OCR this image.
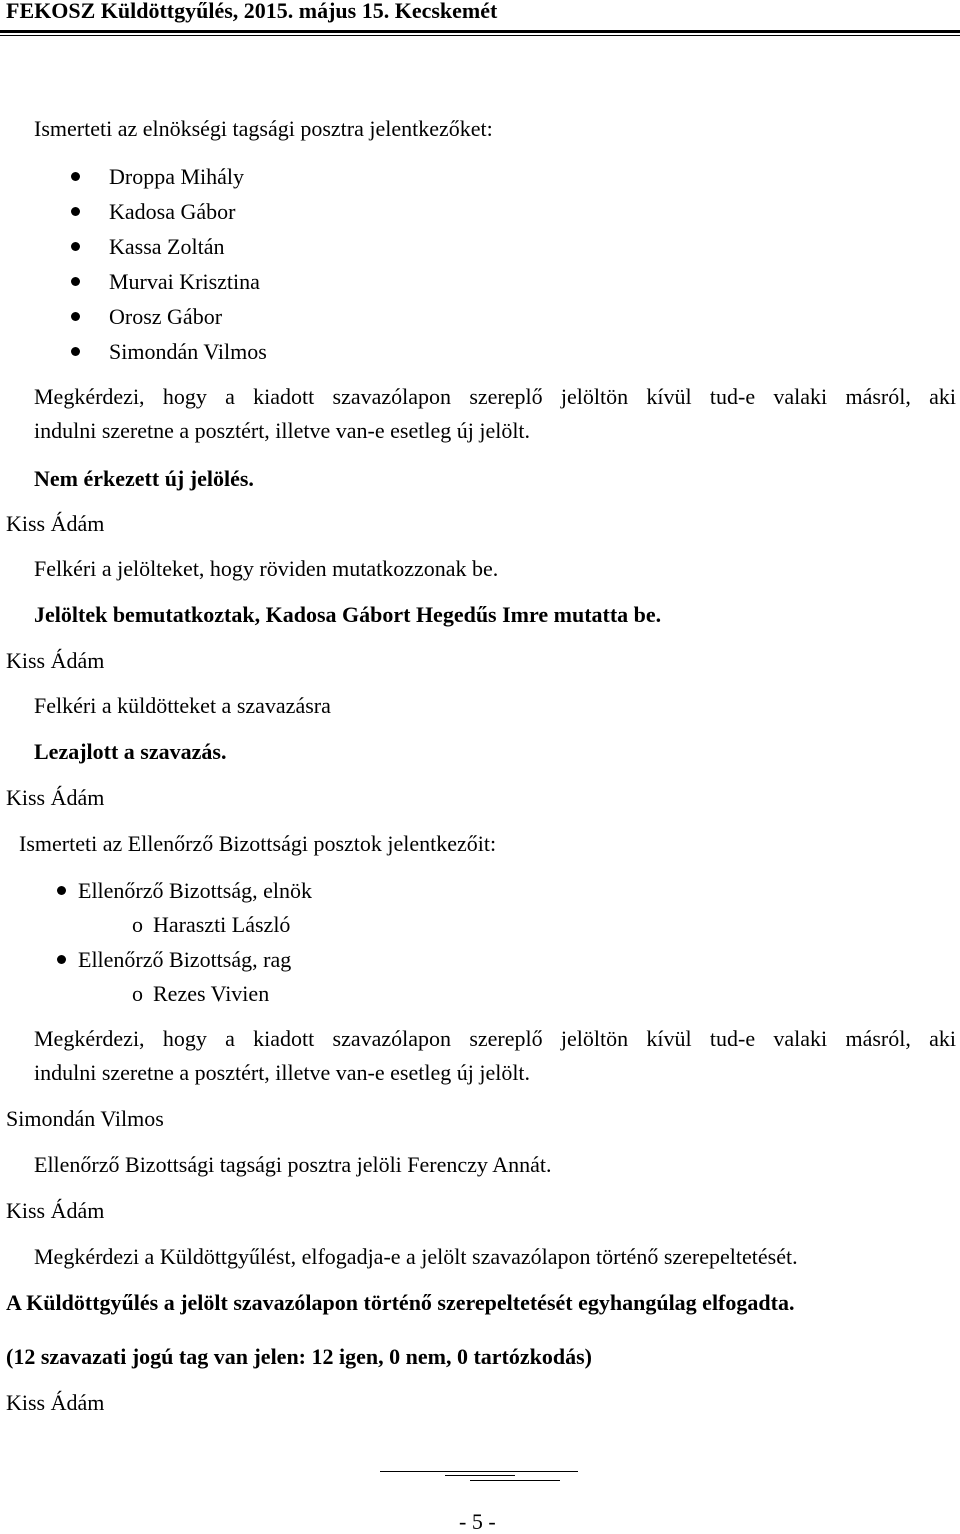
FEKOSZ Küldöttgyűlés, 2015. május 15. Kecskemét
Ismerteti az elnökségi tagsági posztra jelentkezőket:
Droppa Mihály
Kadosa Gábor
Kassa Zoltán
Murvai Krisztina
Orosz Gábor
Simondán Vilmos
Megkérdezi, hogy a kiadott szavazólapon szereplő jelöltön kívül tud-e valaki másról, aki
indulni szeretne a posztért, illetve van-e esetleg új jelölt.
Nem érkezett új jelölés.
Kiss Ádám
Felkéri a jelölteket, hogy röviden mutatkozzonak be.
Jelöltek bemutatkoztak, Kadosa Gábort Hegedűs Imre mutatta be.
Kiss Ádám
Felkéri a küldötteket a szavazásra
Lezajlott a szavazás.
Kiss Ádám
Ismerteti az Ellenőrző Bizottsági posztok jelentkezőit:
Ellenőrző Bizottság, elnök
o Haraszti László
Ellenőrző Bizottság, rag
o Rezes Vivien
Megkérdezi, hogy a kiadott szavazólapon szereplő jelöltön kívül tud-e valaki másról, aki
indulni szeretne a posztért, illetve van-e esetleg új jelölt.
Simondán Vilmos
Ellenőrző Bizottsági tagsági posztra jelöli Ferenczy Annát.
Kiss Ádám
Megkérdezi a Küldöttgyűlést, elfogadja-e a jelölt szavazólapon történő szerepeltetését.
A Küldöttgyűlés a jelölt szavazólapon történő szerepeltetését egyhangúlag elfogadta.
(12 szavazati jogú tag van jelen: 12 igen, 0 nem, 0 tartózkodás)
Kiss Ádám
- 5 -
